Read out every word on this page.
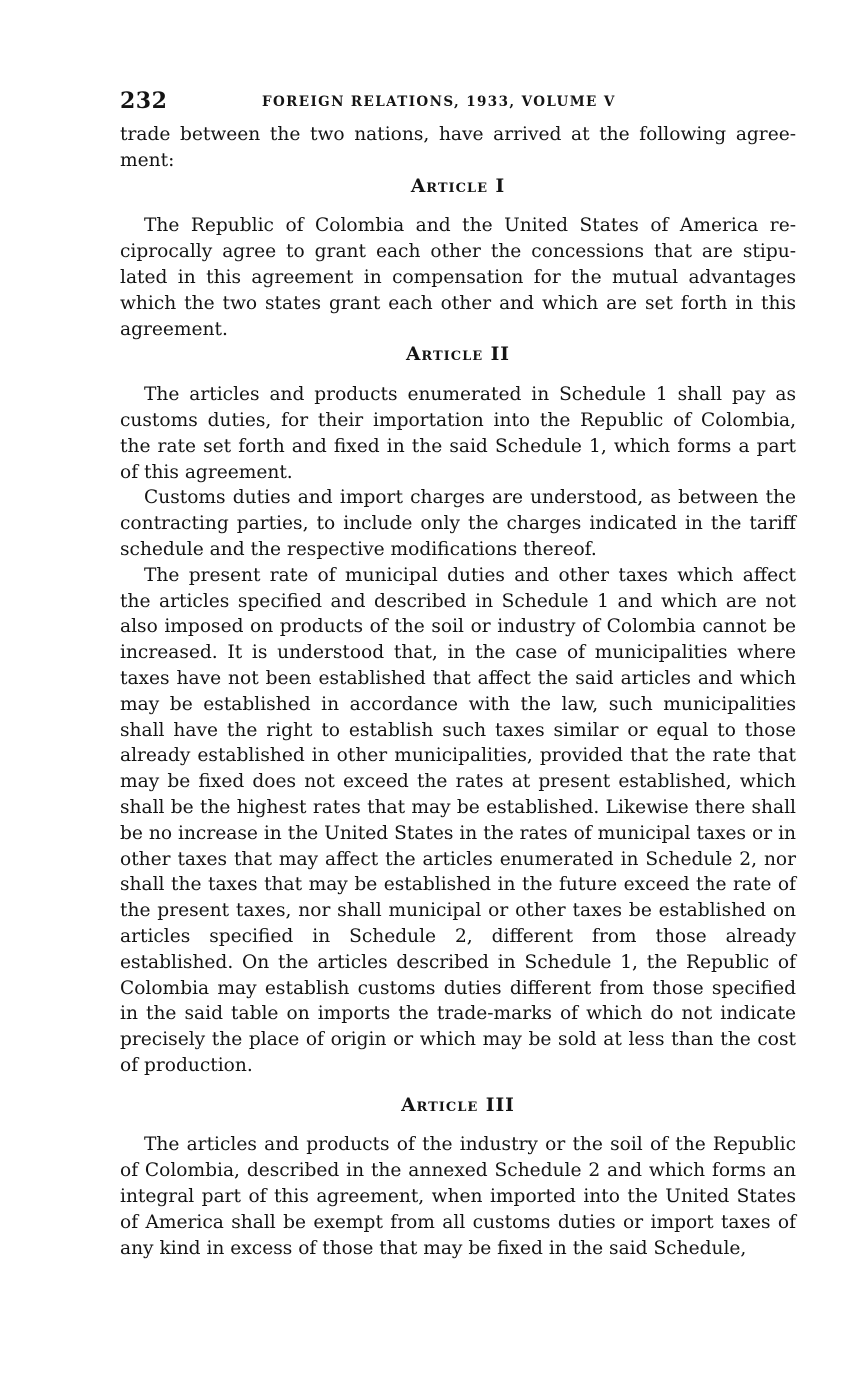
232	FOREIGN RELATIONS, 1933, VOLUME V

trade between the two nations, have arrived at the following agreement:

Article I

The Republic of Colombia and the United States of America reciprocally agree to grant each other the concessions that are stipulated in this agreement in compensation for the mutual advantages which the two states grant each other and which are set forth in this agreement.

Article II

The articles and products enumerated in Schedule 1 shall pay as customs duties, for their importation into the Republic of Colombia, the rate set forth and fixed in the said Schedule 1, which forms a part of this agreement.

Customs duties and import charges are understood, as between the contracting parties, to include only the charges indicated in the tariff schedule and the respective modifications thereof.

The present rate of municipal duties and other taxes which affect the articles specified and described in Schedule 1 and which are not also imposed on products of the soil or industry of Colombia cannot be increased. It is understood that, in the case of municipalities where taxes have not been established that affect the said articles and which may be established in accordance with the law, such municipalities shall have the right to establish such taxes similar or equal to those already established in other municipalities, provided that the rate that may be fixed does not exceed the rates at present established, which shall be the highest rates that may be established. Likewise there shall be no increase in the United States in the rates of municipal taxes or in other taxes that may affect the articles enumerated in Schedule 2, nor shall the taxes that may be established in the future exceed the rate of the present taxes, nor shall municipal or other taxes be established on articles specified in Schedule 2, different from those already established. On the articles described in Schedule 1, the Republic of Colombia may establish customs duties different from those specified in the said table on imports the trade-marks of which do not indicate precisely the place of origin or which may be sold at less than the cost of production.

Article III

The articles and products of the industry or the soil of the Republic of Colombia, described in the annexed Schedule 2 and which forms an integral part of this agreement, when imported into the United States of America shall be exempt from all customs duties or import taxes of any kind in excess of those that may be fixed in the said Schedule,
